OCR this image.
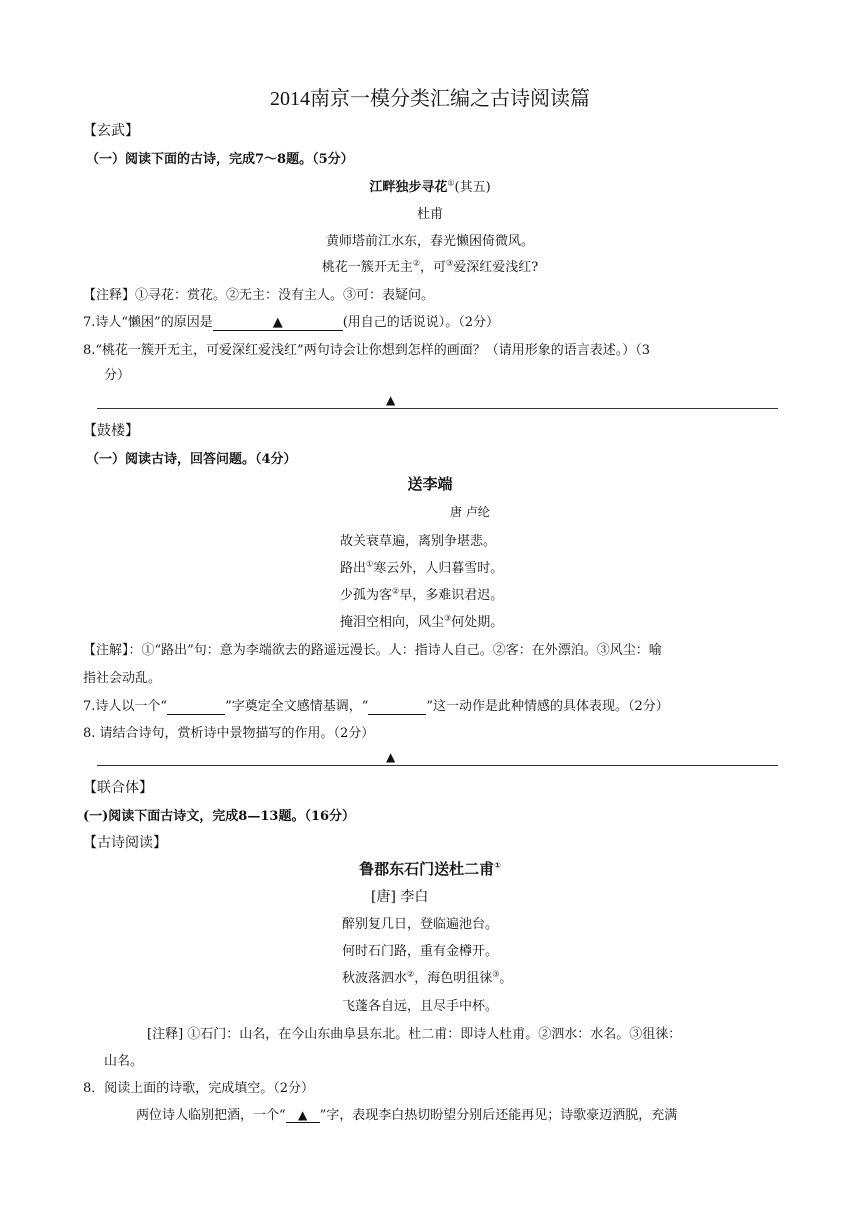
2014南京一模分类汇编之古诗阅读篇
【玄武】
（一）阅读下面的古诗，完成7～8题。（5分）
江畔独步寻花①(其五)
杜甫
黄师塔前江水东，春光懒困倚微风。
桃花一簇开无主②，可③爱深红爱浅红?
【注释】①寻花：赏花。②无主：没有主人。③可：表疑问。
7.诗人“懒困”的原因是	▲	(用自己的话说说）。（2分）
8.“桃花一簇开无主，可爱深红爱浅红”两句诗会让你想到怎样的画面？（请用形象的语言表述。）（3
分）
▲
【鼓楼】
（一）阅读古诗，回答问题。（4分）
送李端
唐 卢纶
故关衰草遍，离别争堪悲。
路出①寒云外，人归暮雪时。
少孤为客②早，多难识君迟。
掩泪空相向，风尘③何处期。
【注解】：①“路出”句：意为李端欲去的路遥远漫长。人：指诗人自己。②客：在外漂泊。③风尘：喻
指社会动乱。
7.诗人以一个“	”字奠定全文感情基调，“	”这一动作是此种情感的具体表现。（2分）
8. 请结合诗句，赏析诗中景物描写的作用。（2分）
▲
【联合体】
(一)阅读下面古诗文，完成8—13题。（16分）
【古诗阅读】
鲁郡东石门送杜二甫①
[唐] 李白
醉别复几日，登临遍池台。
何时石门路，重有金樽开。
秋波落泗水②，海色明徂徕③。
飞蓬各自远，且尽手中杯。
[注释] ①石门：山名，在今山东曲阜县东北。杜二甫：即诗人杜甫。②泗水：水名。③徂徕：
山名。
8．阅读上面的诗歌，完成填空。（2分）
两位诗人临别把酒，一个“ ▲ ”字，表现李白热切盼望分别后还能再见；诗歌豪迈洒脱，充满
